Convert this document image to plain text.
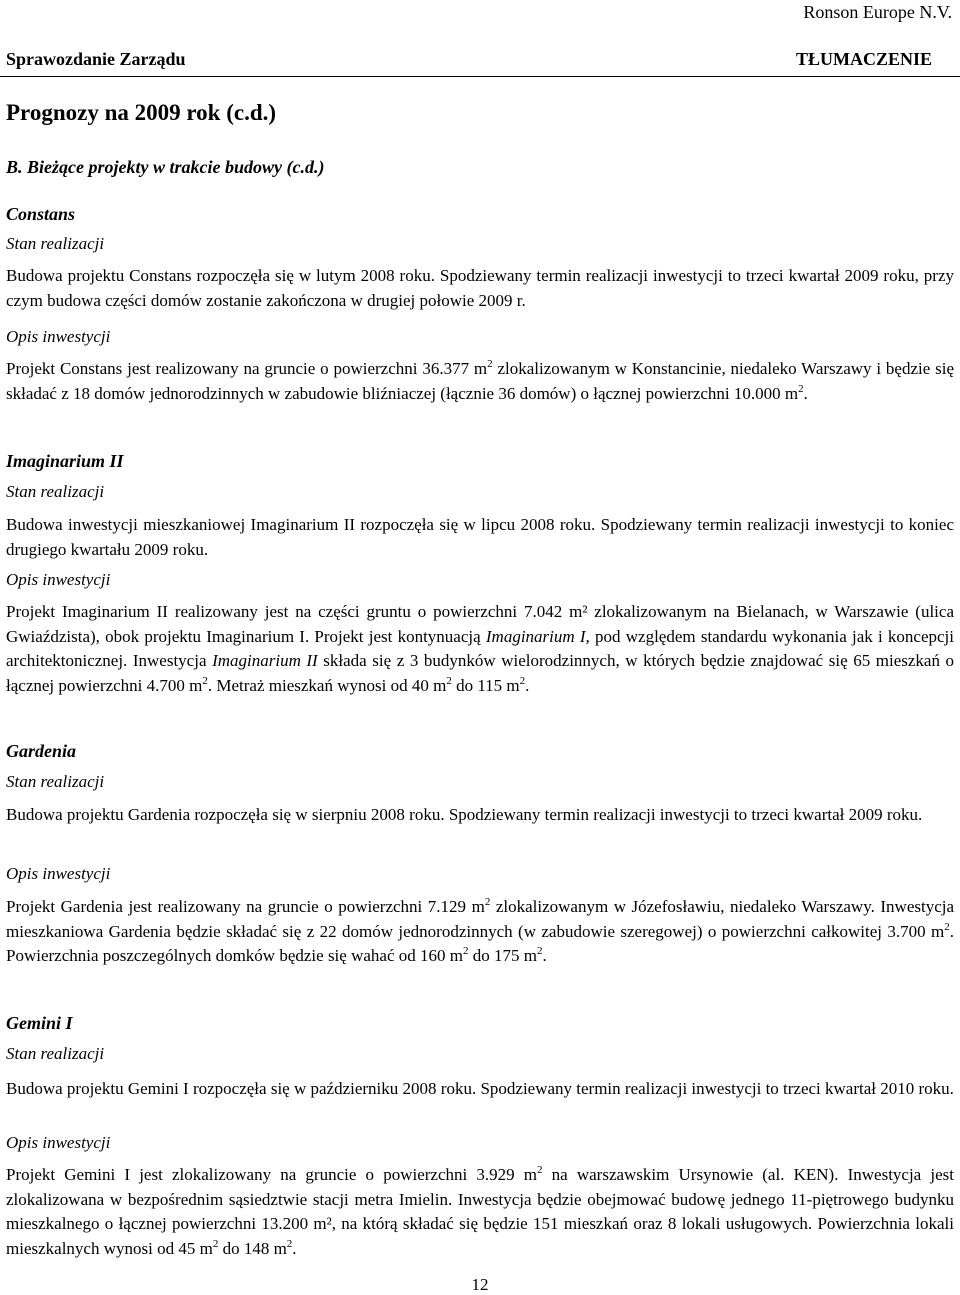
Ronson Europe N.V.
Sprawozdanie Zarządu	TŁUMACZENIE
Prognozy na 2009 rok (c.d.)
B. Bieżące projekty w trakcie budowy (c.d.)
Constans
Stan realizacji
Budowa projektu Constans rozpoczęła się w lutym 2008 roku. Spodziewany termin realizacji inwestycji to trzeci kwartał 2009 roku, przy czym budowa części domów zostanie zakończona w drugiej połowie 2009 r.
Opis inwestycji
Projekt Constans jest realizowany na gruncie o powierzchni 36.377 $m^2$ zlokalizowanym w Konstancinie, niedaleko Warszawy i będzie się składać z 18 domów jednorodzinnych w zabudowie bliźniaczej (łącznie 36 domów) o łącznej powierzchni 10.000 $m^2$.
Imaginarium II
Stan realizacji
Budowa inwestycji mieszkaniowej Imaginarium II rozpoczęła się w lipcu 2008 roku. Spodziewany termin realizacji inwestycji to koniec drugiego kwartału 2009 roku.
Opis inwestycji
Projekt Imaginarium II realizowany jest na części gruntu o powierzchni 7.042 m² zlokalizowanym na Bielanach, w Warszawie (ulica Gwiaździsta), obok projektu Imaginarium I. Projekt jest kontynuacją Imaginarium I, pod względem standardu wykonania jak i koncepcji architektonicznej. Inwestycja Imaginarium II składa się z 3 budynków wielorodzinnych, w których będzie znajdować się 65 mieszkań o łącznej powierzchni 4.700 $m^2$. Metraż mieszkań wynosi od 40 $m^2$ do 115 $m^2$.
Gardenia
Stan realizacji
Budowa projektu Gardenia rozpoczęła się w sierpniu 2008 roku. Spodziewany termin realizacji inwestycji to trzeci kwartał 2009 roku.
Opis inwestycji
Projekt Gardenia jest realizowany na gruncie o powierzchni 7.129 $m^2$ zlokalizowanym w Józefosławiu, niedaleko Warszawy. Inwestycja mieszkaniowa Gardenia będzie składać się z 22 domów jednorodzinnych (w zabudowie szeregowej) o powierzchni całkowitej 3.700 $m^2$. Powierzchnia poszczególnych domków będzie się wahać od 160 $m^2$ do 175 $m^2$.
Gemini I
Stan realizacji
Budowa projektu Gemini I rozpoczęła się w październiku 2008 roku. Spodziewany termin realizacji inwestycji to trzeci kwartał 2010 roku.
Opis inwestycji
Projekt Gemini I jest zlokalizowany na gruncie o powierzchni 3.929 $m^2$ na warszawskim Ursynowie (al. KEN). Inwestycja jest zlokalizowana w bezpośrednim sąsiedztwie stacji metra Imielin. Inwestycja będzie obejmować budowę jednego 11-piętrowego budynku mieszkalnego o łącznej powierzchni 13.200 m², na którą składać się będzie 151 mieszkań oraz 8 lokali usługowych. Powierzchnia lokali mieszkalnych wynosi od 45 $m^2$ do 148 $m^2$.
12
